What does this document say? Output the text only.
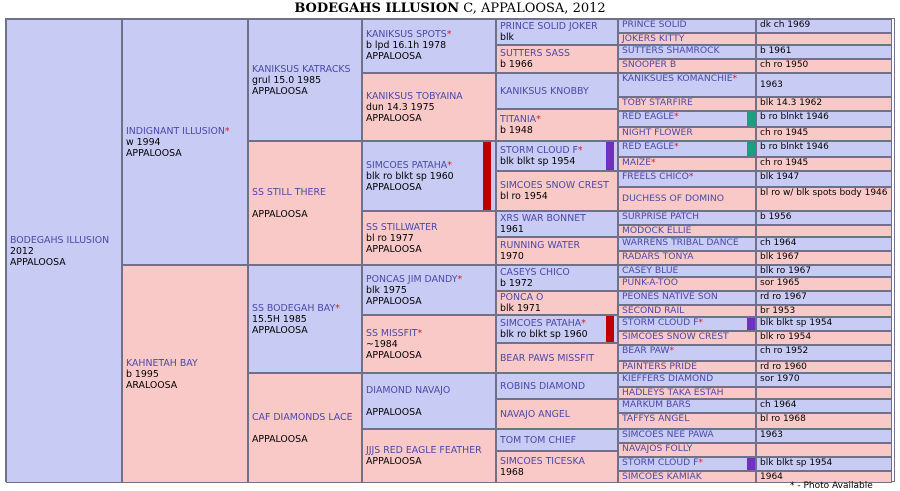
BODEGAHS ILLUSION C, APPALOOSA, 2012
BODEGAHS ILLUSION
2012
APPALOOSA
INDIGNANT ILLUSION*
w 1994
APPALOOSA
KAHNETAH BAY
b 1995
ARALOOSA
KANIKSUS KATRACKS
grul 15.0 1985
APPALOOSA
SS STILL THERE
APPALOOSA
SS BODEGAH BAY*
15.5H 1985
APPALOOSA
CAF DIAMONDS LACE
APPALOOSA
KANIKSUS SPOTS*
b lpd 16.1h 1978
APPALOOSA
KANIKSUS TOBYAINA
dun 14.3 1975
APPALOOSA
SIMCOES PATAHA*
blk ro blkt sp 1960
APPALOOSA
SS STILLWATER
bl ro 1977
APPALOOSA
PONCAS JIM DANDY*
blk 1975
APPALOOSA
SS MISSFIT*
~1984
APPALOOSA
DIAMOND NAVAJO
APPALOOSA
JJJS RED EAGLE FEATHER
APPALOOSA
PRINCE SOLID JOKER
blk
SUTTERS SASS
b 1966
KANIKSUS KNOBBY
TITANIA*
b 1948
STORM CLOUD F*
blk blkt sp 1954
SIMCOES SNOW CREST
bl ro 1954
XRS WAR BONNET
1961
RUNNING WATER
1970
CASEYS CHICO
b 1972
PONCA O
blk 1971
SIMCOES PATAHA*
blk ro blkt sp 1960
BEAR PAWS MISSFIT
ROBINS DIAMOND
NAVAJO ANGEL
TOM TOM CHIEF
SIMCOES TICESKA
1968
PRINCE SOLID
JOKERS KITTY
SUTTERS SHAMROCK
SNOOPER B
KANIKSUES KOMANCHIE*
TOBY STARFIRE
RED EAGLE*
NIGHT FLOWER
RED EAGLE*
MAIZE*
FREELS CHICO*
DUCHESS OF DOMINO
SURPRISE PATCH
MODOCK ELLIE
WARRENS TRIBAL DANCE
RADARS TONYA
CASEY BLUE
PUNK-A-TOO
PEONES NATIVE SON
SECOND RAIL
STORM CLOUD F*
SIMCOES SNOW CREST
BEAR PAW*
PAINTERS PRIDE
KIEFFERS DIAMOND
HADLEYS TAKA ESTAH
MARKUM BARS
TAFFYS ANGEL
SIMCOES NEE PAWA
NAVAJOS FOLLY
STORM CLOUD F*
SIMCOES KAMIAK
dk ch 1969
b 1961
ch ro 1950
1963
blk 14.3 1962
b ro blnkt 1946
ch ro 1945
b ro blnkt 1946
ch ro 1945
blk 1947
bl ro w/ blk spots body 1946
b 1956
ch 1964
blk 1967
blk ro 1967
sor 1965
rd ro 1967
br 1953
blk blkt sp 1954
blk ro 1954
ch ro 1952
rd ro 1960
sor 1970
ch 1964
bl ro 1968
1963
blk blkt sp 1954
1964
* - Photo Available
